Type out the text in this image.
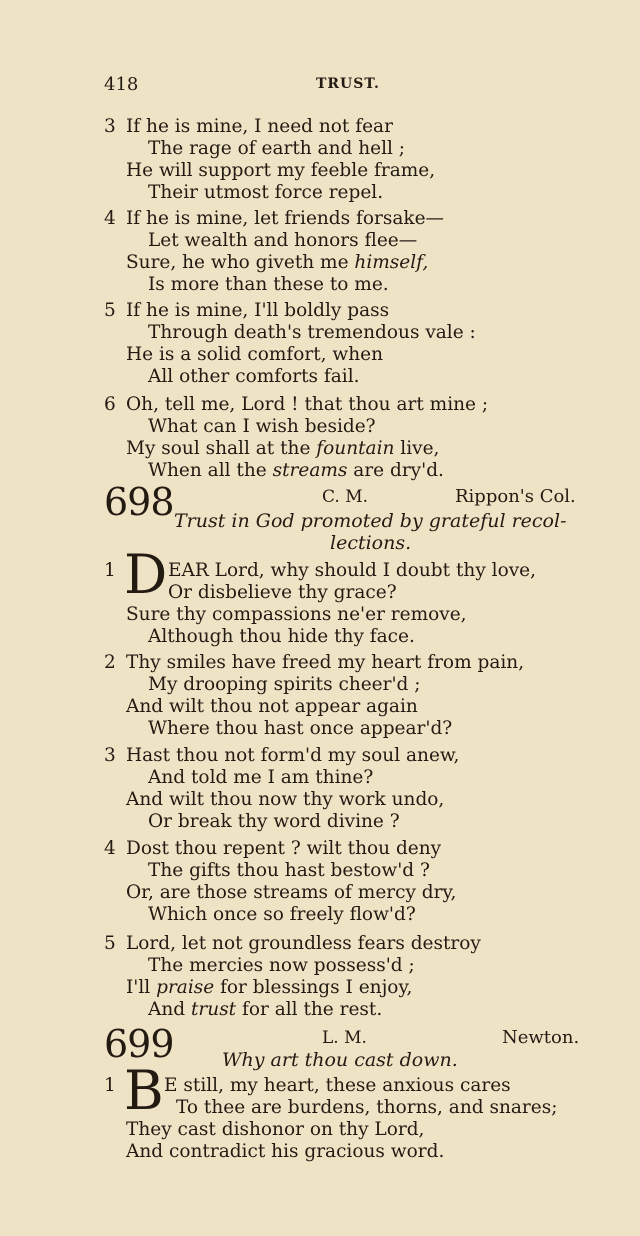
418	TRUST.
3 If he is mine, I need not fear
The rage of earth and hell ;
He will support my feeble frame,
Their utmost force repel.
4 If he is mine, let friends forsake—
Let wealth and honors flee—
Sure, he who giveth me himself,
Is more than these to me.
5 If he is mine, I'll boldly pass
Through death's tremendous vale :
He is a solid comfort, when
All other comforts fail.
6 Oh, tell me, Lord ! that thou art mine ;
What can I wish beside?
My soul shall at the fountain live,
When all the streams are dry'd.
698	C. M.	Rippon's Col.
Trust in God promoted by grateful recol-
lections.
1 D EAR Lord, why should I doubt thy love,
Or disbelieve thy grace?
Sure thy compassions ne'er remove,
Although thou hide thy face.
2 Thy smiles have freed my heart from pain,
My drooping spirits cheer'd ;
And wilt thou not appear again
Where thou hast once appear'd?
3 Hast thou not form'd my soul anew,
And told me I am thine?
And wilt thou now thy work undo,
Or break thy word divine ?
4 Dost thou repent ? wilt thou deny
The gifts thou hast bestow'd ?
Or, are those streams of mercy dry,
Which once so freely flow'd?
5 Lord, let not groundless fears destroy
The mercies now possess'd ;
I'll praise for blessings I enjoy,
And trust for all the rest.
699	L. M.	Newton.
Why art thou cast down.
1 B E still, my heart, these anxious cares
To thee are burdens, thorns, and snares;
They cast dishonor on thy Lord,
And contradict his gracious word.
